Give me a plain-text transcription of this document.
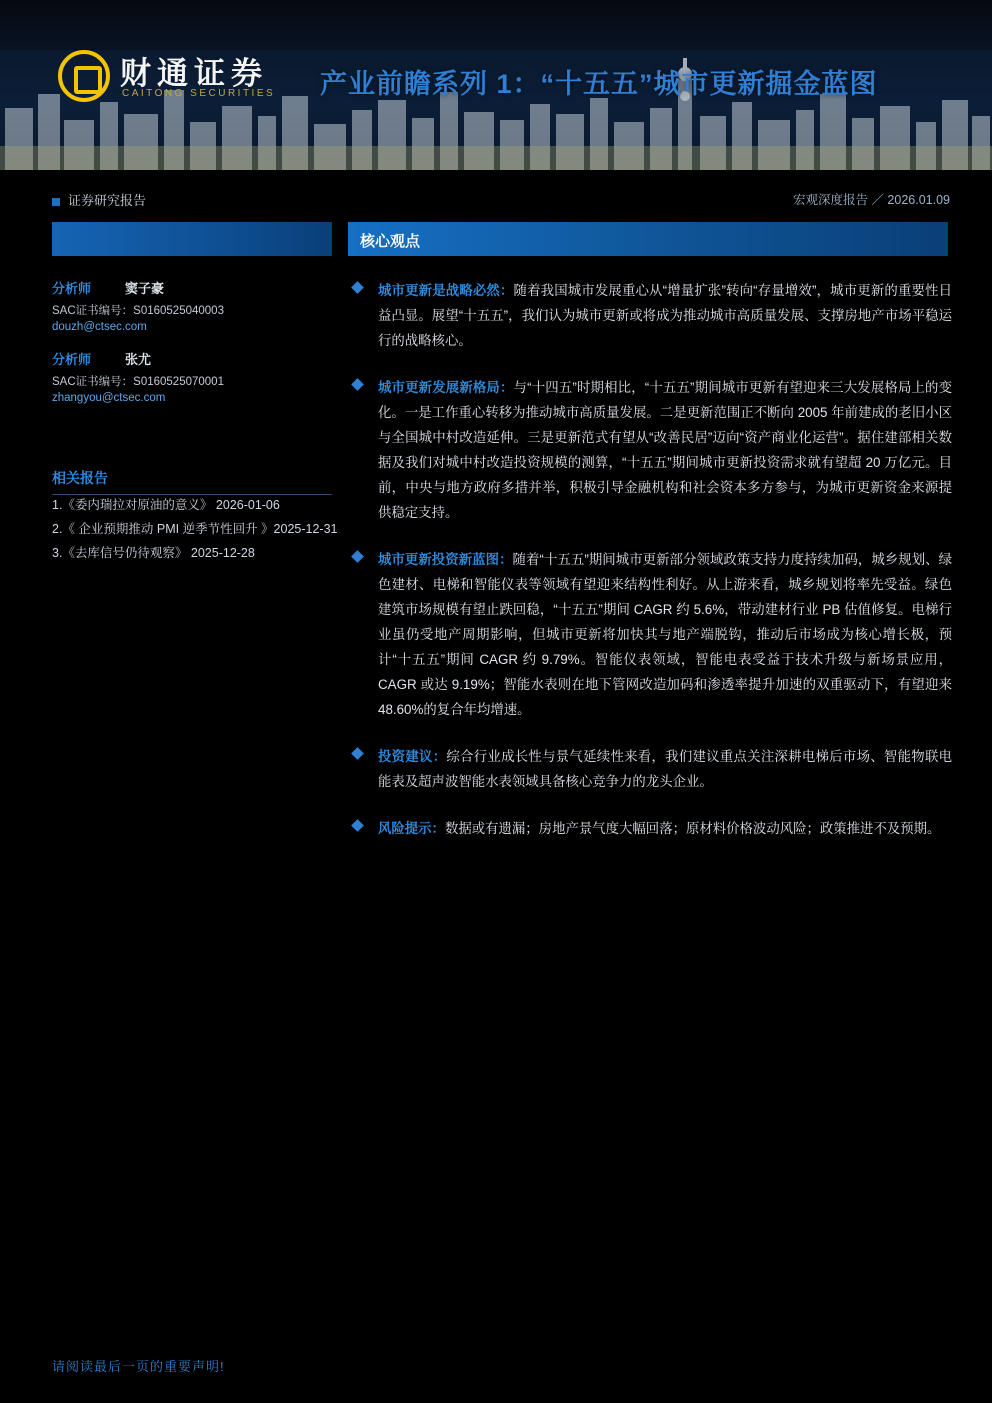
财通证券
CAITONG SECURITIES 产业前瞻系列 1：“十五五”城市更新掘金蓝图
证券研究报告	宏观深度报告 ／ 2026.01.09
分析师	窦子豪
SAC证书编号：S0160525040003
douzh@ctsec.com
分析师	张尤
SAC证书编号：S0160525070001
zhangyou@ctsec.com
相关报告
1.《委内瑞拉对原油的意义》 2026-01-06
2.《 企业预期推动 PMI 逆季节性回升 》2025-12-31
3.《去库信号仍待观察》 2025-12-28
核心观点
城市更新是战略必然：随着我国城市发展重心从“增量扩张”转向“存量增效”，城市更新的重要性日益凸显。展望“十五五”，我们认为城市更新或将成为推动城市高质量发展、支撑房地产市场平稳运行的战略核心。
城市更新发展新格局：与“十四五”时期相比，“十五五”期间城市更新有望迎来三大发展格局上的变化。一是工作重心转移为推动城市高质量发展。二是更新范围正不断向 2005 年前建成的老旧小区与全国城中村改造延伸。三是更新范式有望从“改善民居”迈向“资产商业化运营”。据住建部相关数据及我们对城中村改造投资规模的测算，“十五五”期间城市更新投资需求就有望超 20 万亿元。目前，中央与地方政府多措并举，积极引导金融机构和社会资本多方参与，为城市更新资金来源提供稳定支持。
城市更新投资新蓝图：随着“十五五”期间城市更新部分领域政策支持力度持续加码，城乡规划、绿色建材、电梯和智能仪表等领域有望迎来结构性利好。从上游来看，城乡规划将率先受益。绿色建筑市场规模有望止跌回稳，“十五五”期间 CAGR 约 5.6%，带动建材行业 PB 估值修复。电梯行业虽仍受地产周期影响，但城市更新将加快其与地产端脱钩，推动后市场成为核心增长极，预计“十五五”期间 CAGR 约 9.79%。智能仪表领域，智能电表受益于技术升级与新场景应用，CAGR 或达 9.19%；智能水表则在地下管网改造加码和渗透率提升加速的双重驱动下，有望迎来 48.60%的复合年均增速。
投资建议：综合行业成长性与景气延续性来看，我们建议重点关注深耕电梯后市场、智能物联电能表及超声波智能水表领域具备核心竞争力的龙头企业。
风险提示：数据或有遗漏；房地产景气度大幅回落；原材料价格波动风险；政策推进不及预期。
请阅读最后一页的重要声明!
